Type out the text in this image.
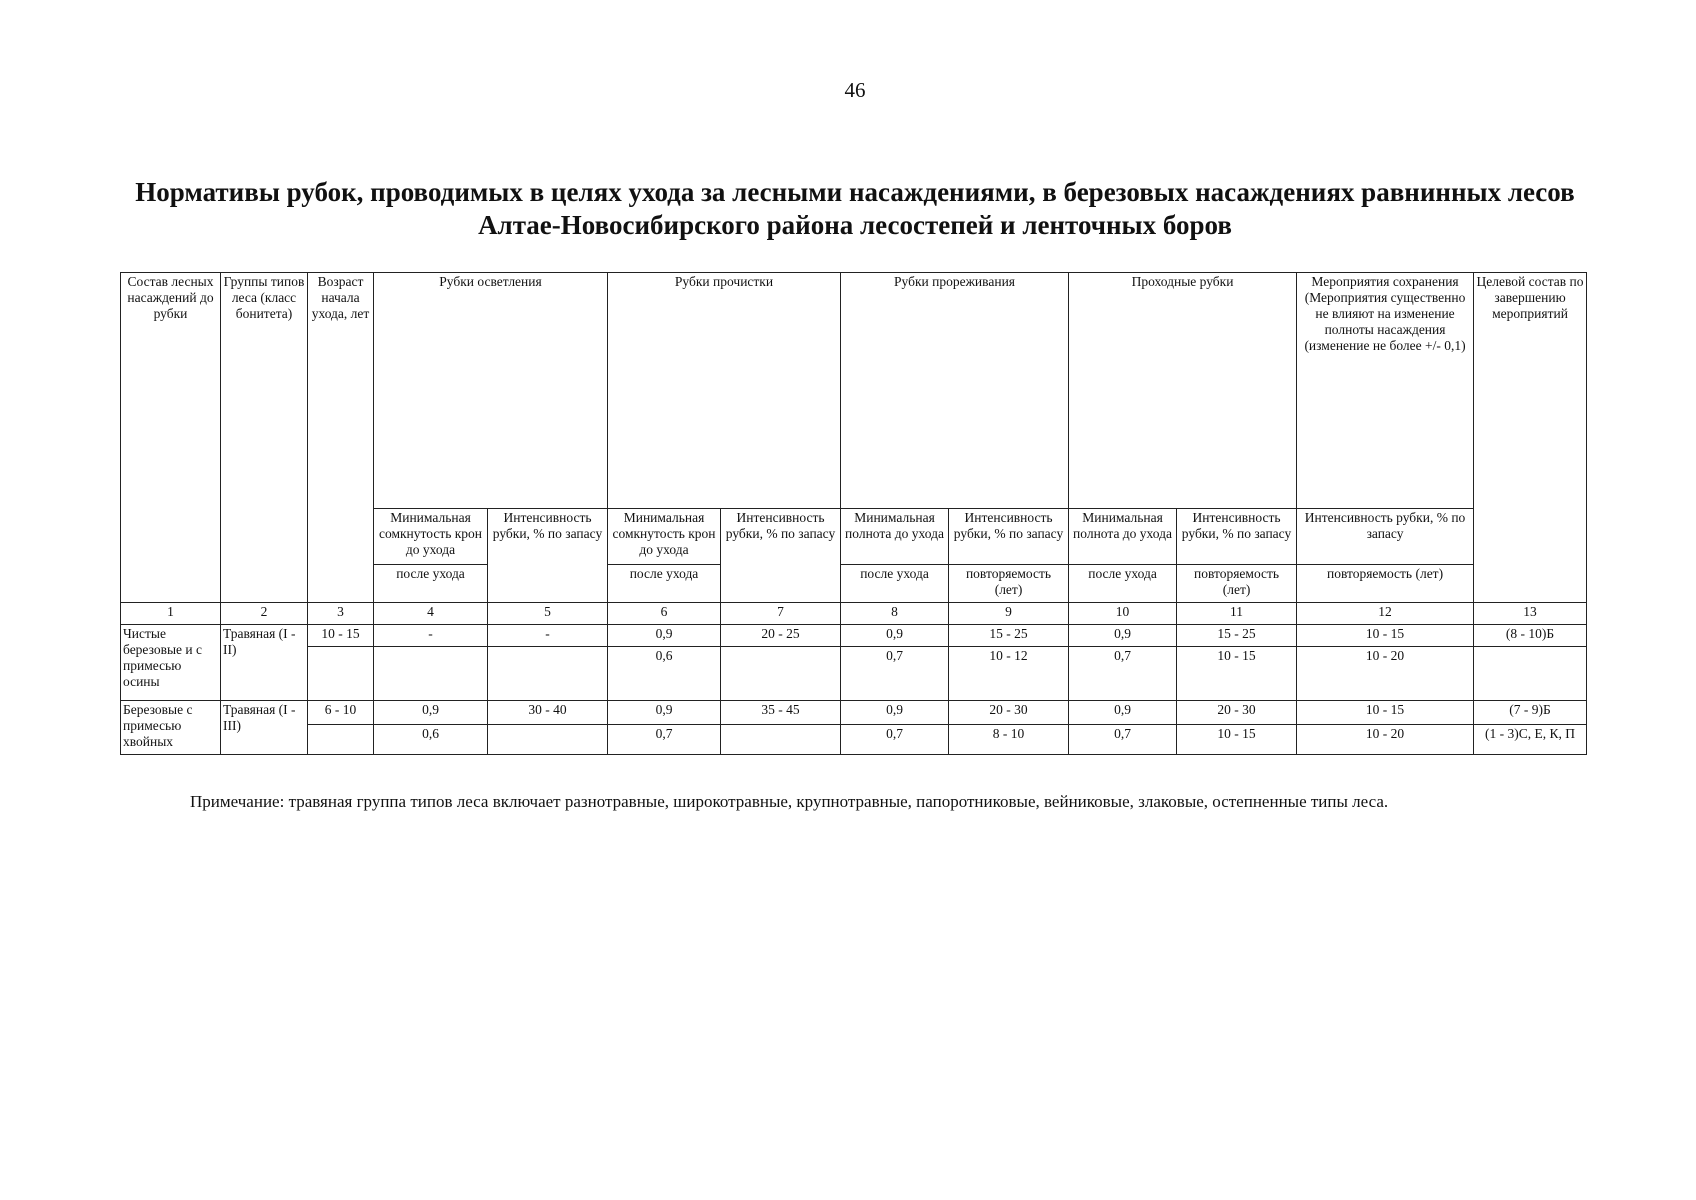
46
Нормативы рубок, проводимых в целях ухода за лесными насаждениями, в березовых насаждениях равнинных лесов Алтае-Новосибирского района лесостепей и ленточных боров
Состав лесных насаждений до рубки	Группы типов леса (класс бонитета)	Возраст начала ухода, лет	Рубки осветления		Рубки прочистки		Рубки прореживания		Проходные рубки		Мероприятия сохранения (Мероприятия существенно не влияют на изменение полноты насаждения (изменение не более +/- 0,1)	Целевой состав по завершению мероприятий
			Минимальная сомкнутость крон до ухода	Интенсивность рубки, % по запасу	Минимальная сомкнутость крон до ухода	Интенсивность рубки, % по запасу	Минимальная полнота до ухода	Интенсивность рубки, % по запасу	Минимальная полнота до ухода	Интенсивность рубки, % по запасу	Интенсивность рубки, % по запасу	
			после ухода		после ухода		после ухода	повторяемость (лет)	после ухода	повторяемость (лет)	повторяемость (лет)	
1	2	3	4	5	6	7	8	9	10	11	12	13
Чистые березовые и с примесью осины	Травяная (I - II)	10 - 15	-	-	0,9	20 - 25	0,9	15 - 25	0,9	15 - 25	10 - 15	(8 - 10)Б
					0,6		0,7	10 - 12	0,7	10 - 15	10 - 20	
Березовые с примесью хвойных	Травяная (I - III)	6 - 10	0,9	30 - 40	0,9	35 - 45	0,9	20 - 30	0,9	20 - 30	10 - 15	(7 - 9)Б
			0,6		0,7		0,7	8 - 10	0,7	10 - 15	10 - 20	(1 - 3)С, Е, К, П

Примечание: травяная группа типов леса включает разнотравные, широкотравные, крупнотравные, папоротниковые, вейниковые, злаковые, остепненные типы леса.
